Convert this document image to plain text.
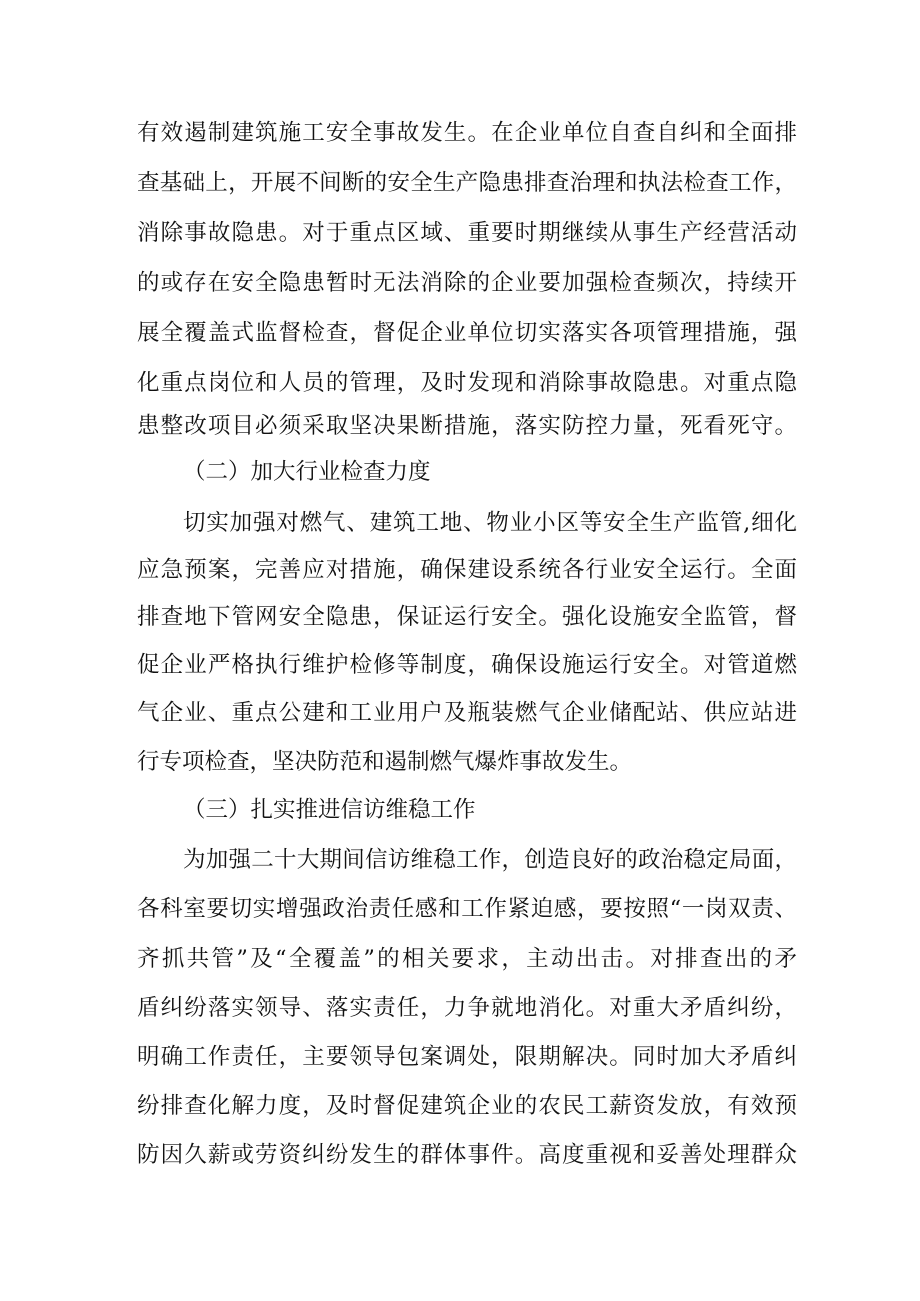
有效遏制建筑施工安全事故发生。在企业单位自查自纠和全面排
查基础上，开展不间断的安全生产隐患排查治理和执法检查工作，
消除事故隐患。对于重点区域、重要时期继续从事生产经营活动
的或存在安全隐患暂时无法消除的企业要加强检查频次，持续开
展全覆盖式监督检查，督促企业单位切实落实各项管理措施，强
化重点岗位和人员的管理，及时发现和消除事故隐患。对重点隐
患整改项目必须采取坚决果断措施，落实防控力量，死看死守。
（二）加大行业检查力度
切实加强对燃气、建筑工地、物业小区等安全生产监管,细化
应急预案，完善应对措施，确保建设系统各行业安全运行。全面
排查地下管网安全隐患，保证运行安全。强化设施安全监管，督
促企业严格执行维护检修等制度，确保设施运行安全。对管道燃
气企业、重点公建和工业用户及瓶装燃气企业储配站、供应站进
行专项检查，坚决防范和遏制燃气爆炸事故发生。
（三）扎实推进信访维稳工作
为加强二十大期间信访维稳工作，创造良好的政治稳定局面，
各科室要切实增强政治责任感和工作紧迫感，要按照“一岗双责、
齐抓共管”及“全覆盖”的相关要求，主动出击。对排查出的矛
盾纠纷落实领导、落实责任，力争就地消化。对重大矛盾纠纷，
明确工作责任，主要领导包案调处，限期解决。同时加大矛盾纠
纷排查化解力度，及时督促建筑企业的农民工薪资发放，有效预
防因久薪或劳资纠纷发生的群体事件。高度重视和妥善处理群众
